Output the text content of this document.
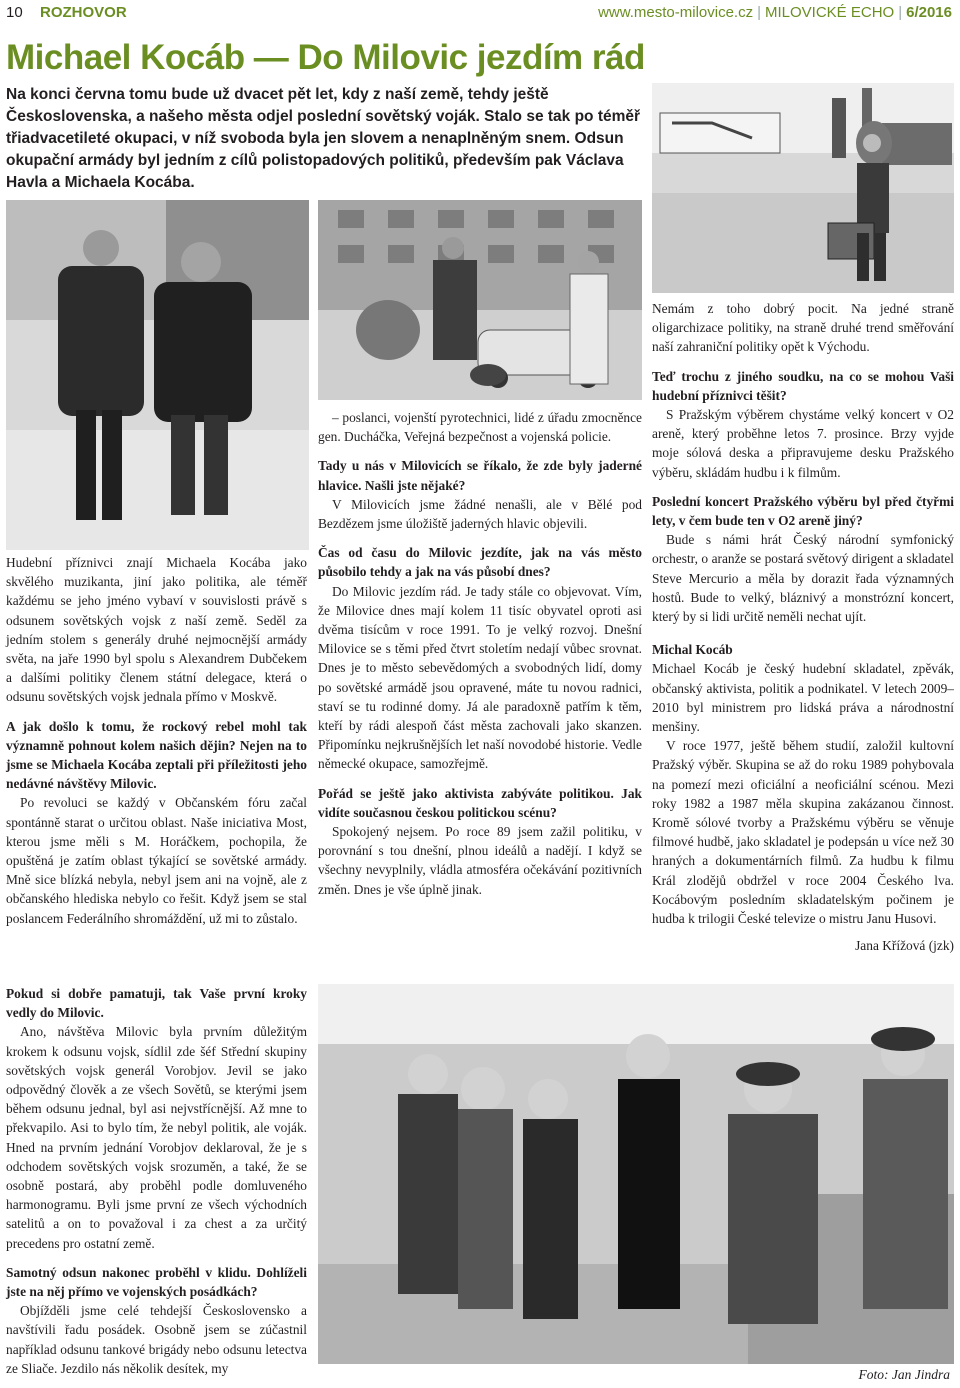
10 ROZHOVOR	www.mesto-milovice.cz | MILOVICKÉ ECHO | 6/2016
Michael Kocáb — Do Milovic jezdím rád
Na konci června tomu bude už dvacet pět let, kdy z naší země, tehdy ještě Československa, a našeho města odjel poslední sovětský voják. Stalo se tak po téměř třiadvacetileté okupaci, v níž svoboda byla jen slovem a nenaplněným snem. Odsun okupační armády byl jedním z cílů polistopadových politiků, především pak Václava Havla a Michaela Kocába.

Hudební příznivci znají Michaela Kocába jako skvělého muzikanta, jiní jako politika, ale téměř každému se jeho jméno vybaví v souvislosti právě s odsunem sovětských vojsk z naší země. Seděl za jedním stolem s generály druhé nejmocnější armády světa, na jaře 1990 byl spolu s Alexandrem Dubčekem a dalšími politiky členem státní delegace, která o odsunu sovětských vojsk jednala přímo v Moskvě.

A jak došlo k tomu, že rockový rebel mohl tak významně pohnout kolem našich dějin? Nejen na to jsme se Michaela Kocába zeptali při příležitosti jeho nedávné návštěvy Milovic.

Po revoluci se každý v Občanském fóru začal spontánně starat o určitou oblast. Naše iniciativa Most, kterou jsme měli s M. Horáčkem, pochopila, že opuštěná je zatím oblast týkající se sovětské armády. Mně sice blízká nebyla, nebyl jsem ani na vojně, ale z občanského hlediska nebylo co řešit. Když jsem se stal poslancem Federálního shromáždění, už mi to zůstalo.

Pokud si dobře pamatuji, tak Vaše první kroky vedly do Milovic.

Ano, návštěva Milovic byla prvním důležitým krokem k odsunu vojsk, sídlil zde šéf Střední skupiny sovětských vojsk generál Vorobjov. Jevil se jako odpovědný člověk a ze všech Sovětů, se kterými jsem během odsunu jednal, byl asi nejvstřícnější. Až mne to překvapilo. Asi to bylo tím, že nebyl politik, ale voják. Hned na prvním jednání Vorobjov deklaroval, že je s odchodem sovětských vojsk srozuměn, a také, že se osobně postará, aby proběhl podle domluveného harmonogramu. Byli jsme první ze všech východních satelitů a on to považoval i za chest a za určitý precedens pro ostatní země.

Samotný odsun nakonec proběhl v klidu. Dohlíželi jste na něj přímo ve vojenských posádkách?

Objížděli jsme celé tehdejší Československo a navštívili řadu posádek. Osobně jsem se zúčastnil například odsunu tankové brigády nebo odsunu letectva ze Sliače. Jezdilo nás několik desítek, my

– poslanci, vojenští pyrotechnici, lidé z úřadu zmocněnce gen. Ducháčka, Veřejná bezpečnost a vojenská policie.

Tady u nás v Milovicích se říkalo, že zde byly jaderné hlavice. Našli jste nějaké?

V Milovicích jsme žádné nenašli, ale v Bělé pod Bezdězem jsme úložiště jaderných hlavic objevili.

Čas od času do Milovic jezdíte, jak na vás město působilo tehdy a jak na vás působí dnes?

Do Milovic jezdím rád. Je tady stále co objevovat. Vím, že Milovice dnes mají kolem 11 tisíc obyvatel oproti asi dvěma tisícům v roce 1991. To je velký rozvoj. Dnešní Milovice se s těmi před čtvrt stoletím nedají vůbec srovnat. Dnes je to město sebevědomých a svobodných lidí, domy po sovětské armádě jsou opravené, máte tu novou radnici, staví se tu rodinné domy. Já ale paradoxně patřím k těm, kteří by rádi alespoň část města zachovali jako skanzen. Připomínku nejkrušnějších let naší novodobé historie. Vedle německé okupace, samozřejmě.

Pořád se ještě jako aktivista zabýváte politikou. Jak vidíte současnou českou politickou scénu?

Spokojený nejsem. Po roce 89 jsem zažil politiku, v porovnání s tou dnešní, plnou ideálů a nadějí. I když se všechny nevyplnily, vládla atmosféra očekávání pozitivních změn. Dnes je vše úplně jinak.

Nemám z toho dobrý pocit. Na jedné straně oligarchizace politiky, na straně druhé trend směřování naší zahraniční politiky opět k Východu.

Teď trochu z jiného soudku, na co se mohou Vaši hudební příznivci těšit?

S Pražským výběrem chystáme velký koncert v O2 areně, který proběhne letos 7. prosince. Brzy vyjde moje sólová deska a připravujeme desku Pražského výběru, skládám hudbu i k filmům.

Poslední koncert Pražského výběru byl před čtyřmi lety, v čem bude ten v O2 areně jiný?

Bude s námi hrát Český národní symfonický orchestr, o aranže se postará světový dirigent a skladatel Steve Mercurio a měla by dorazit řada významných hostů. Bude to velký, bláznivý a monstrózní koncert, který by si lidi určitě neměli nechat ujít.

Michal Kocáb

Michael Kocáb je český hudební skladatel, zpěvák, občanský aktivista, politik a podnikatel. V letech 2009–2010 byl ministrem pro lidská práva a národnostní menšiny.

V roce 1977, ještě během studií, založil kultovní Pražský výběr. Skupina se až do roku 1989 pohybovala na pomezí mezi oficiální a neoficiální scénou. Mezi roky 1982 a 1987 měla skupina zakázanou činnost. Kromě sólové tvorby a Pražskému výběru se věnuje filmové hudbě, jako skladatel je podepsán u více než 30 hraných a dokumentárních filmů. Za hudbu k filmu Král zlodějů obdržel v roce 2004 Českého lva. Kocábovým posledním skladatelským počinem je hudba k trilogii České televize o mistru Janu Husovi.

Jana Křížová (jzk)

Foto: Jan Jindra
